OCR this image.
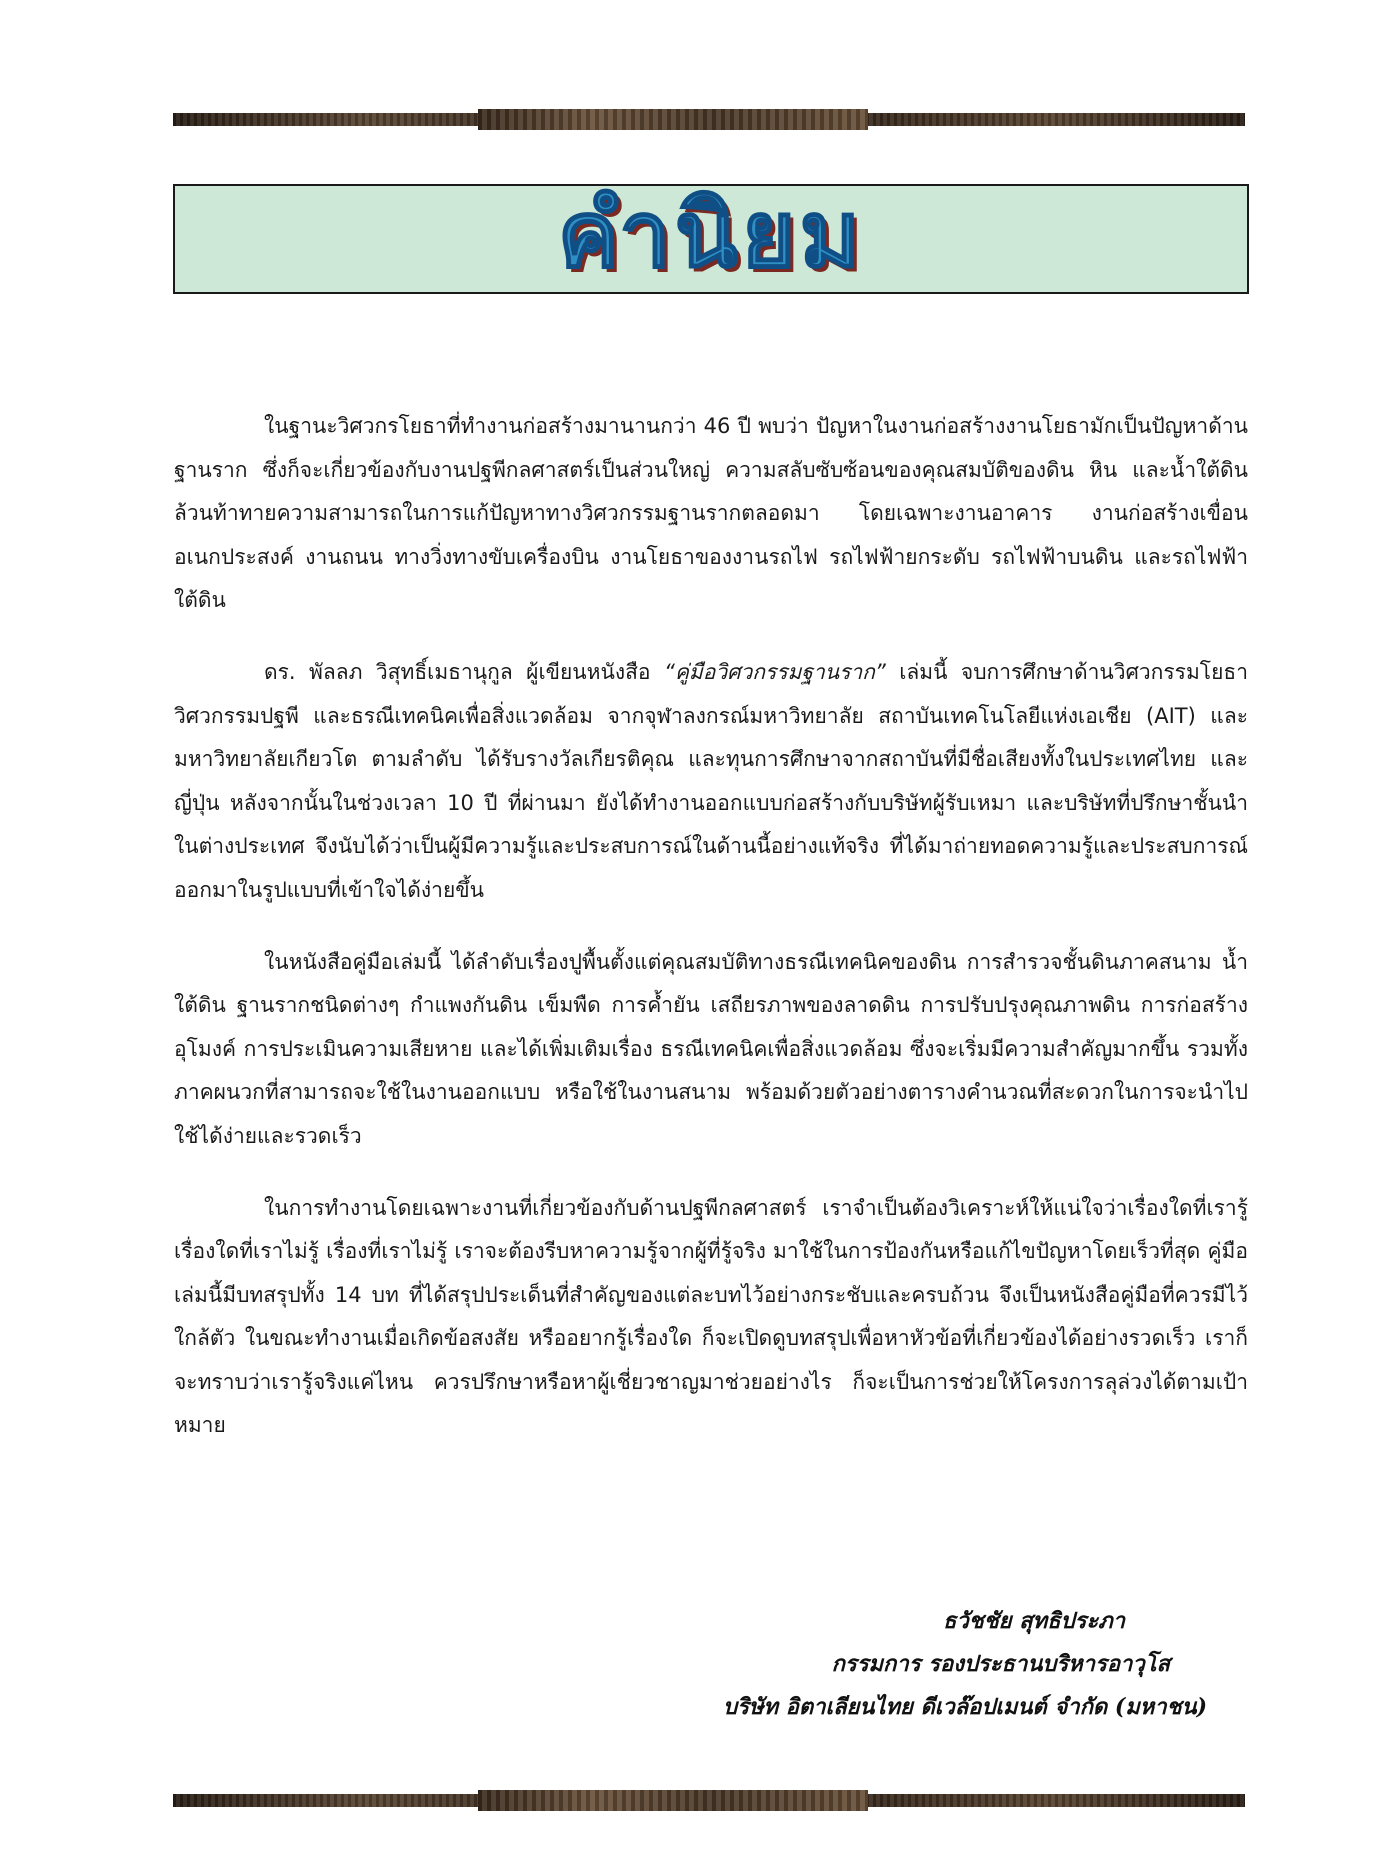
คำนิยม

ในฐานะวิศวกรโยธาที่ทำงานก่อสร้างมานานกว่า 46 ปี พบว่า ปัญหาในงานก่อสร้างงานโยธามักเป็นปัญหาด้านฐานราก ซึ่งก็จะเกี่ยวข้องกับงานปฐพีกลศาสตร์เป็นส่วนใหญ่ ความสลับซับซ้อนของคุณสมบัติของดิน หิน และน้ำใต้ดิน ล้วนท้าทายความสามารถในการแก้ปัญหาทางวิศวกรรมฐานรากตลอดมา โดยเฉพาะงานอาคาร งานก่อสร้างเขื่อนอเนกประสงค์ งานถนน ทางวิ่งทางขับเครื่องบิน งานโยธาของงานรถไฟ รถไฟฟ้ายกระดับ รถไฟฟ้าบนดิน และรถไฟฟ้าใต้ดิน

ดร. พัลลภ วิสุทธิ์เมธานุกูล ผู้เขียนหนังสือ “คู่มือวิศวกรรมฐานราก” เล่มนี้ จบการศึกษาด้านวิศวกรรมโยธา วิศวกรรมปฐพี และธรณีเทคนิคเพื่อสิ่งแวดล้อม จากจุฬาลงกรณ์มหาวิทยาลัย สถาบันเทคโนโลยีแห่งเอเชีย (AIT) และมหาวิทยาลัยเกียวโต ตามลำดับ ได้รับรางวัลเกียรติคุณ และทุนการศึกษาจากสถาบันที่มีชื่อเสียงทั้งในประเทศไทย และญี่ปุ่น หลังจากนั้นในช่วงเวลา 10 ปี ที่ผ่านมา ยังได้ทำงานออกแบบก่อสร้างกับบริษัทผู้รับเหมา และบริษัทที่ปรึกษาชั้นนำในต่างประเทศ จึงนับได้ว่าเป็นผู้มีความรู้และประสบการณ์ในด้านนี้อย่างแท้จริง ที่ได้มาถ่ายทอดความรู้และประสบการณ์ออกมาในรูปแบบที่เข้าใจได้ง่ายขึ้น

ในหนังสือคู่มือเล่มนี้ ได้ลำดับเรื่องปูพื้นตั้งแต่คุณสมบัติทางธรณีเทคนิคของดิน การสำรวจชั้นดินภาคสนาม น้ำใต้ดิน ฐานรากชนิดต่างๆ กำแพงกันดิน เข็มพืด การค้ำยัน เสถียรภาพของลาดดิน การปรับปรุงคุณภาพดิน การก่อสร้างอุโมงค์ การประเมินความเสียหาย และได้เพิ่มเติมเรื่อง ธรณีเทคนิคเพื่อสิ่งแวดล้อม ซึ่งจะเริ่มมีความสำคัญมากขึ้น รวมทั้งภาคผนวกที่สามารถจะใช้ในงานออกแบบ หรือใช้ในงานสนาม พร้อมด้วยตัวอย่างตารางคำนวณที่สะดวกในการจะนำไปใช้ได้ง่ายและรวดเร็ว

ในการทำงานโดยเฉพาะงานที่เกี่ยวข้องกับด้านปฐพีกลศาสตร์ เราจำเป็นต้องวิเคราะห์ให้แน่ใจว่าเรื่องใดที่เรารู้ เรื่องใดที่เราไม่รู้ เรื่องที่เราไม่รู้ เราจะต้องรีบหาความรู้จากผู้ที่รู้จริง มาใช้ในการป้องกันหรือแก้ไขปัญหาโดยเร็วที่สุด คู่มือเล่มนี้มีบทสรุปทั้ง 14 บท ที่ได้สรุปประเด็นที่สำคัญของแต่ละบทไว้อย่างกระชับและครบถ้วน จึงเป็นหนังสือคู่มือที่ควรมีไว้ใกล้ตัว ในขณะทำงานเมื่อเกิดข้อสงสัย หรืออยากรู้เรื่องใด ก็จะเปิดดูบทสรุปเพื่อหาหัวข้อที่เกี่ยวข้องได้อย่างรวดเร็ว เราก็จะทราบว่าเรารู้จริงแค่ไหน ควรปรึกษาหรือหาผู้เชี่ยวชาญมาช่วยอย่างไร ก็จะเป็นการช่วยให้โครงการลุล่วงได้ตามเป้าหมาย

ธวัชชัย สุทธิประภา
กรรมการ รองประธานบริหารอาวุโส
บริษัท อิตาเลียนไทย ดีเวล๊อปเมนต์ จำกัด (มหาชน)
